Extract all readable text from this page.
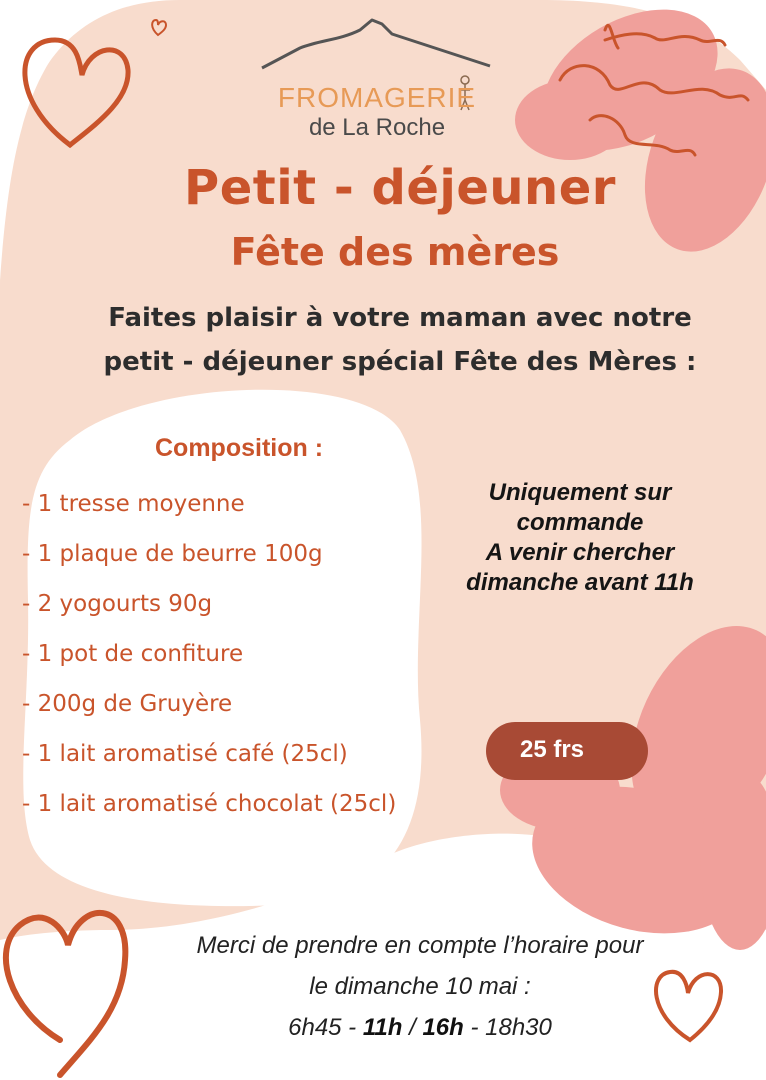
FROMAGERIE

de La Roche

Petit - déjeuner
Fête des mères
Faites plaisir à votre maman avec notre
petit - déjeuner spécial Fête des Mères :
Composition :
- 1 tresse moyenne
- 1 plaque de beurre 100g
- 2 yogourts 90g
- 1 pot de confiture
- 200g de Gruyère
- 1 lait aromatisé café (25cl)
- 1 lait aromatisé chocolat (25cl)
Uniquement sur
commande
A venir chercher
dimanche avant 11h
25 frs
Merci de prendre en compte l’horaire pour
le dimanche 10 mai :
6h45 - 11h / 16h - 18h30
